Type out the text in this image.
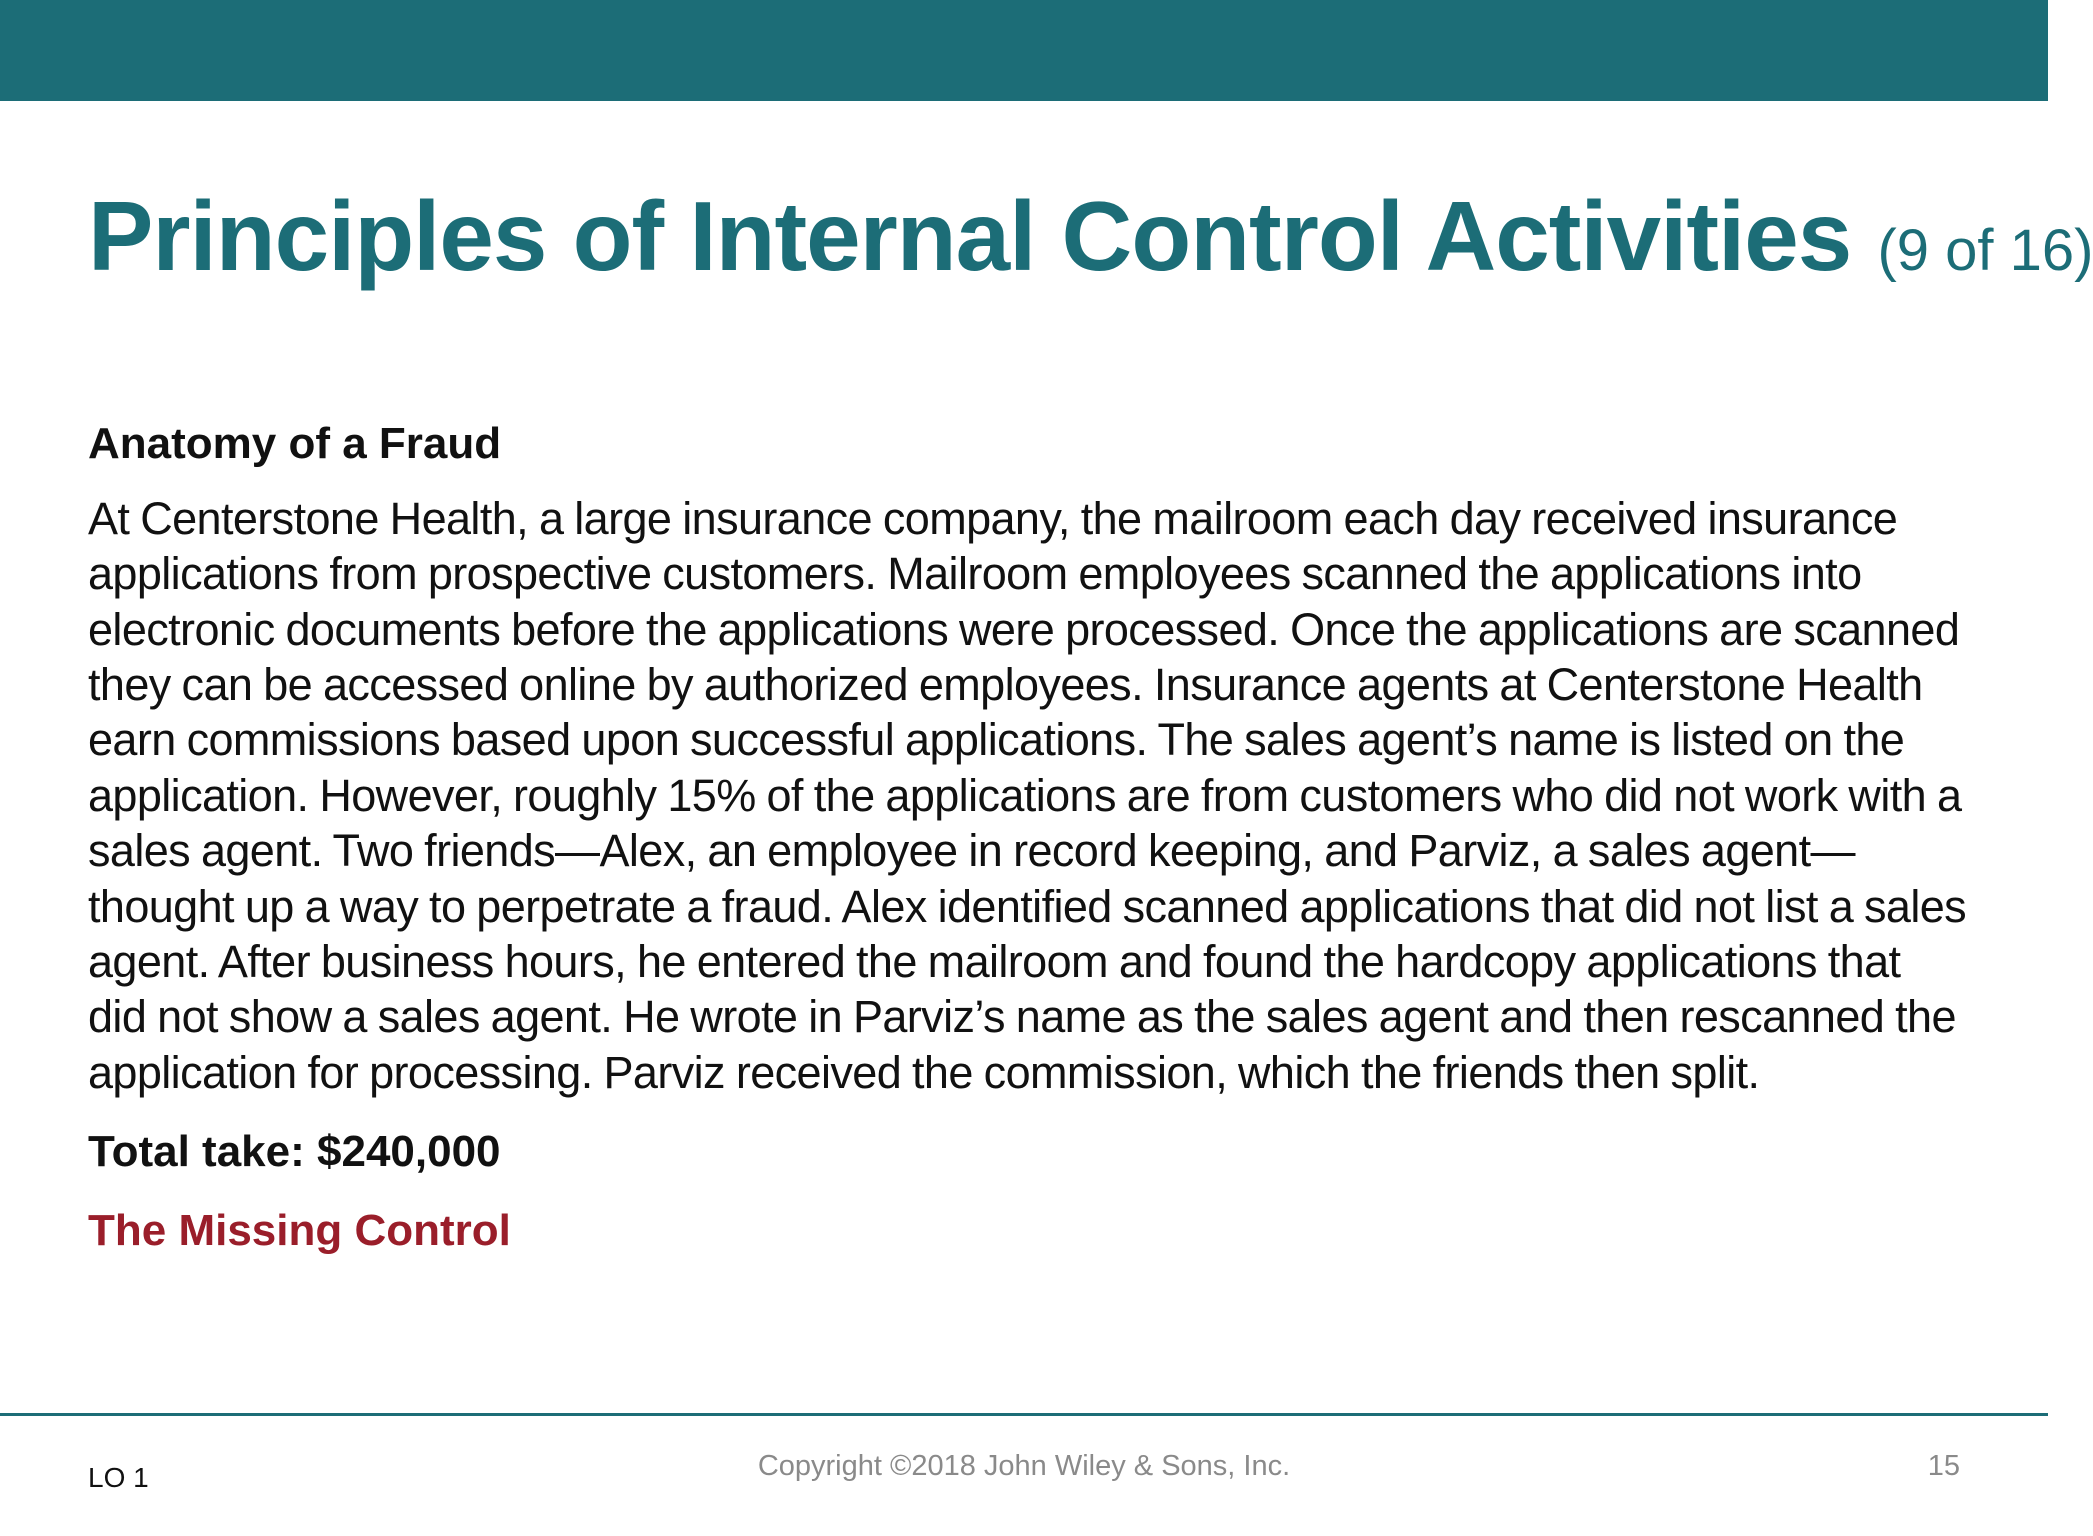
Principles of Internal Control Activities (9 of 16)

Anatomy of a Fraud

At Centerstone Health, a large insurance company, the mailroom each day received insurance applications from prospective customers. Mailroom employees scanned the applications into electronic documents before the applications were processed. Once the applications are scanned they can be accessed online by authorized employees. Insurance agents at Centerstone Health earn commissions based upon successful applications. The sales agent’s name is listed on the application. However, roughly 15% of the applications are from customers who did not work with a sales agent. Two friends—Alex, an employee in record keeping, and Parviz, a sales agent—thought up a way to perpetrate a fraud. Alex identified scanned applications that did not list a sales agent. After business hours, he entered the mailroom and found the hardcopy applications that did not show a sales agent. He wrote in Parviz’s name as the sales agent and then rescanned the application for processing. Parviz received the commission, which the friends then split.

Total take: $240,000

The Missing Control

LO 1	Copyright ©2018 John Wiley & Sons, Inc.	15
